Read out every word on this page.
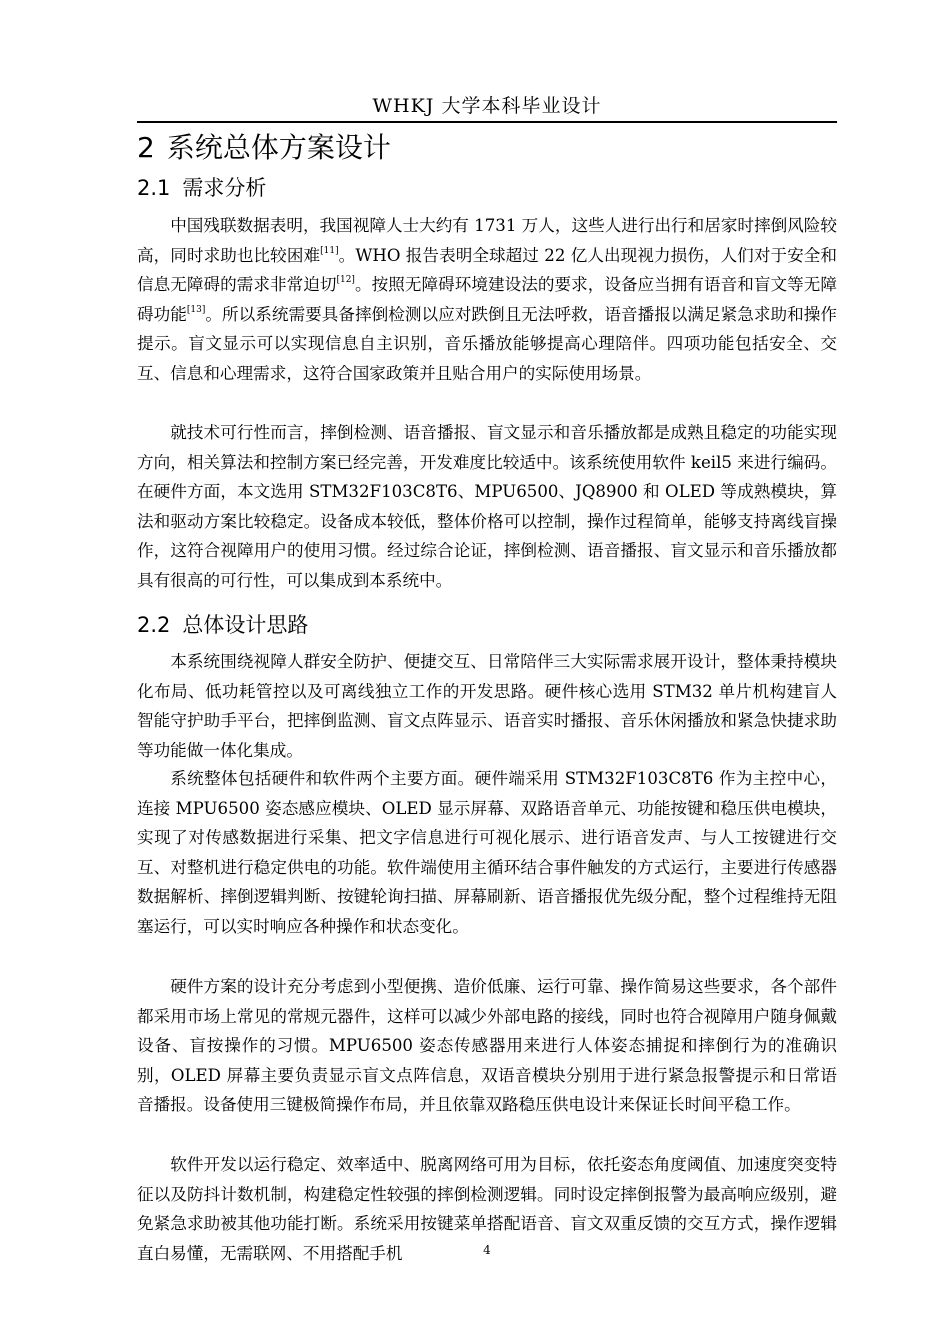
WHKJ 大学本科毕业设计
2 系统总体方案设计
2.1 需求分析

中国残联数据表明，我国视障人士大约有 1731 万人，这些人进行出行和居家时摔倒风险较高，同时求助也比较困难[11]。WHO 报告表明全球超过 22 亿人出现视力损伤，人们对于安全和信息无障碍的需求非常迫切[12]。按照无障碍环境建设法的要求，设备应当拥有语音和盲文等无障碍功能[13]。所以系统需要具备摔倒检测以应对跌倒且无法呼救，语音播报以满足紧急求助和操作提示。盲文显示可以实现信息自主识别，音乐播放能够提高心理陪伴。四项功能包括安全、交互、信息和心理需求，这符合国家政策并且贴合用户的实际使用场景。

就技术可行性而言，摔倒检测、语音播报、盲文显示和音乐播放都是成熟且稳定的功能实现方向，相关算法和控制方案已经完善，开发难度比较适中。该系统使用软件 keil5 来进行编码。在硬件方面，本文选用 STM32F103C8T6、MPU6500、JQ8900 和 OLED 等成熟模块，算法和驱动方案比较稳定。设备成本较低，整体价格可以控制，操作过程简单，能够支持离线盲操作，这符合视障用户的使用习惯。经过综合论证，摔倒检测、语音播报、盲文显示和音乐播放都具有很高的可行性，可以集成到本系统中。

2.2 总体设计思路

本系统围绕视障人群安全防护、便捷交互、日常陪伴三大实际需求展开设计，整体秉持模块化布局、低功耗管控以及可离线独立工作的开发思路。硬件核心选用 STM32 单片机构建盲人智能守护助手平台，把摔倒监测、盲文点阵显示、语音实时播报、音乐休闲播放和紧急快捷求助等功能做一体化集成。

系统整体包括硬件和软件两个主要方面。硬件端采用 STM32F103C8T6 作为主控中心，连接 MPU6500 姿态感应模块、OLED 显示屏幕、双路语音单元、功能按键和稳压供电模块，实现了对传感数据进行采集、把文字信息进行可视化展示、进行语音发声、与人工按键进行交互、对整机进行稳定供电的功能。软件端使用主循环结合事件触发的方式运行，主要进行传感器数据解析、摔倒逻辑判断、按键轮询扫描、屏幕刷新、语音播报优先级分配，整个过程维持无阻塞运行，可以实时响应各种操作和状态变化。

硬件方案的设计充分考虑到小型便携、造价低廉、运行可靠、操作简易这些要求，各个部件都采用市场上常见的常规元器件，这样可以减少外部电路的接线，同时也符合视障用户随身佩戴设备、盲按操作的习惯。MPU6500 姿态传感器用来进行人体姿态捕捉和摔倒行为的准确识别，OLED 屏幕主要负责显示盲文点阵信息，双语音模块分别用于进行紧急报警提示和日常语音播报。设备使用三键极简操作布局，并且依靠双路稳压供电设计来保证长时间平稳工作。

软件开发以运行稳定、效率适中、脱离网络可用为目标，依托姿态角度阈值、加速度突变特征以及防抖计数机制，构建稳定性较强的摔倒检测逻辑。同时设定摔倒报警为最高响应级别，避免紧急求助被其他功能打断。系统采用按键菜单搭配语音、盲文双重反馈的交互方式，操作逻辑直白易懂，无需联网、不用搭配手机	4
